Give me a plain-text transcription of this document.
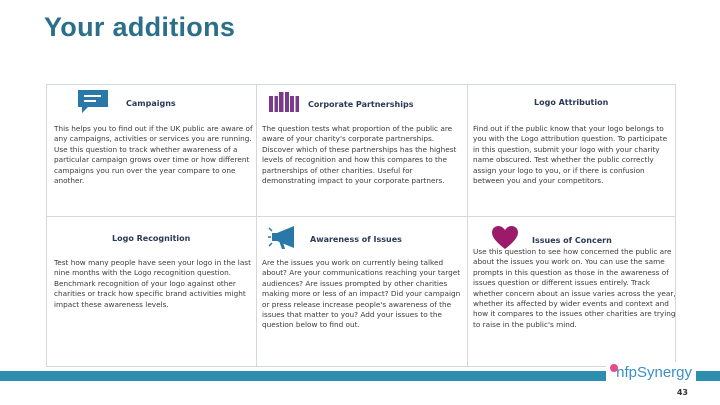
Your additions
Campaigns
This helps you to find out if the UK public are aware of any campaigns, activities or services you are running. Use this question to track whether awareness of a particular campaign grows over time or how different campaigns you run over the year compare to one another.
Corporate Partnerships
The question tests what proportion of the public are aware of your charity's corporate partnerships. Discover which of these partnerships has the highest levels of recognition and how this compares to the partnerships of other charities. Useful for demonstrating impact to your corporate partners.
Logo Attribution
Find out if the public know that your logo belongs to you with the Logo attribution question. To participate in this question, submit your logo with your charity name obscured. Test whether the public correctly assign your logo to you, or if there is confusion between you and your competitors.
Logo Recognition
Test how many people have seen your logo in the last nine months with the Logo recognition question. Benchmark recognition of your logo against other charities or track how specific brand activities might impact these awareness levels.
Awareness of Issues
Are the issues you work on currently being talked about? Are your communications reaching your target audiences? Are issues prompted by other charities making more or less of an impact? Did your campaign or press release increase people's awareness of the issues that matter to you? Add your issues to the question below to find out.
Issues of Concern
Use this question to see how concerned the public are about the issues you work on. You can use the same prompts in this question as those in the awareness of issues question or different issues entirely. Track whether concern about an issue varies across the year, whether its affected by wider events and context and how it compares to the issues other charities are trying to raise in the public's mind.
nfpSynergy
43
